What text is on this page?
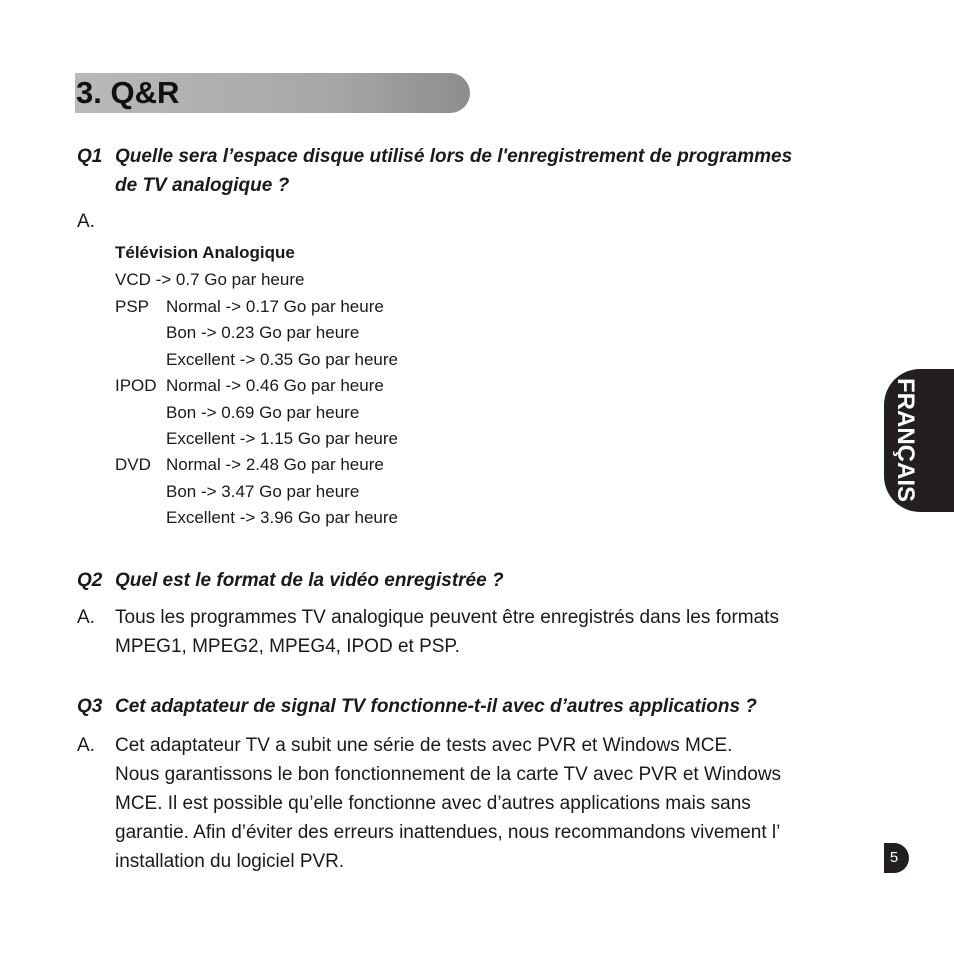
3. Q&R
FRANÇAIS
5
Q1 Quelle sera l’espace disque utilisé lors de l'enregistrement de programmes
de TV analogique ?
A.
Télévision Analogique
VCD -> 0.7 Go par heure
PSP Normal -> 0.17 Go par heure
Bon -> 0.23 Go par heure
Excellent -> 0.35 Go par heure
IPOD Normal -> 0.46 Go par heure
Bon -> 0.69 Go par heure
Excellent -> 1.15 Go par heure
DVD Normal -> 2.48 Go par heure
Bon -> 3.47 Go par heure
Excellent -> 3.96 Go par heure
Q2 Quel est le format de la vidéo enregistrée ?
A. Tous les programmes TV analogique peuvent être enregistrés dans les formats

MPEG1, MPEG2, MPEG4, IPOD et PSP.

Q3 Cet adaptateur de signal TV fonctionne-t-il avec d’autres applications ?
A. Cet adaptateur TV a subit une série de tests avec PVR et Windows MCE.

Nous garantissons le bon fonctionnement de la carte TV avec PVR et Windows

MCE. Il est possible qu’elle fonctionne avec d’autres applications mais sans

garantie. Afin d’éviter des erreurs inattendues, nous recommandons vivement l’

installation du logiciel PVR.
